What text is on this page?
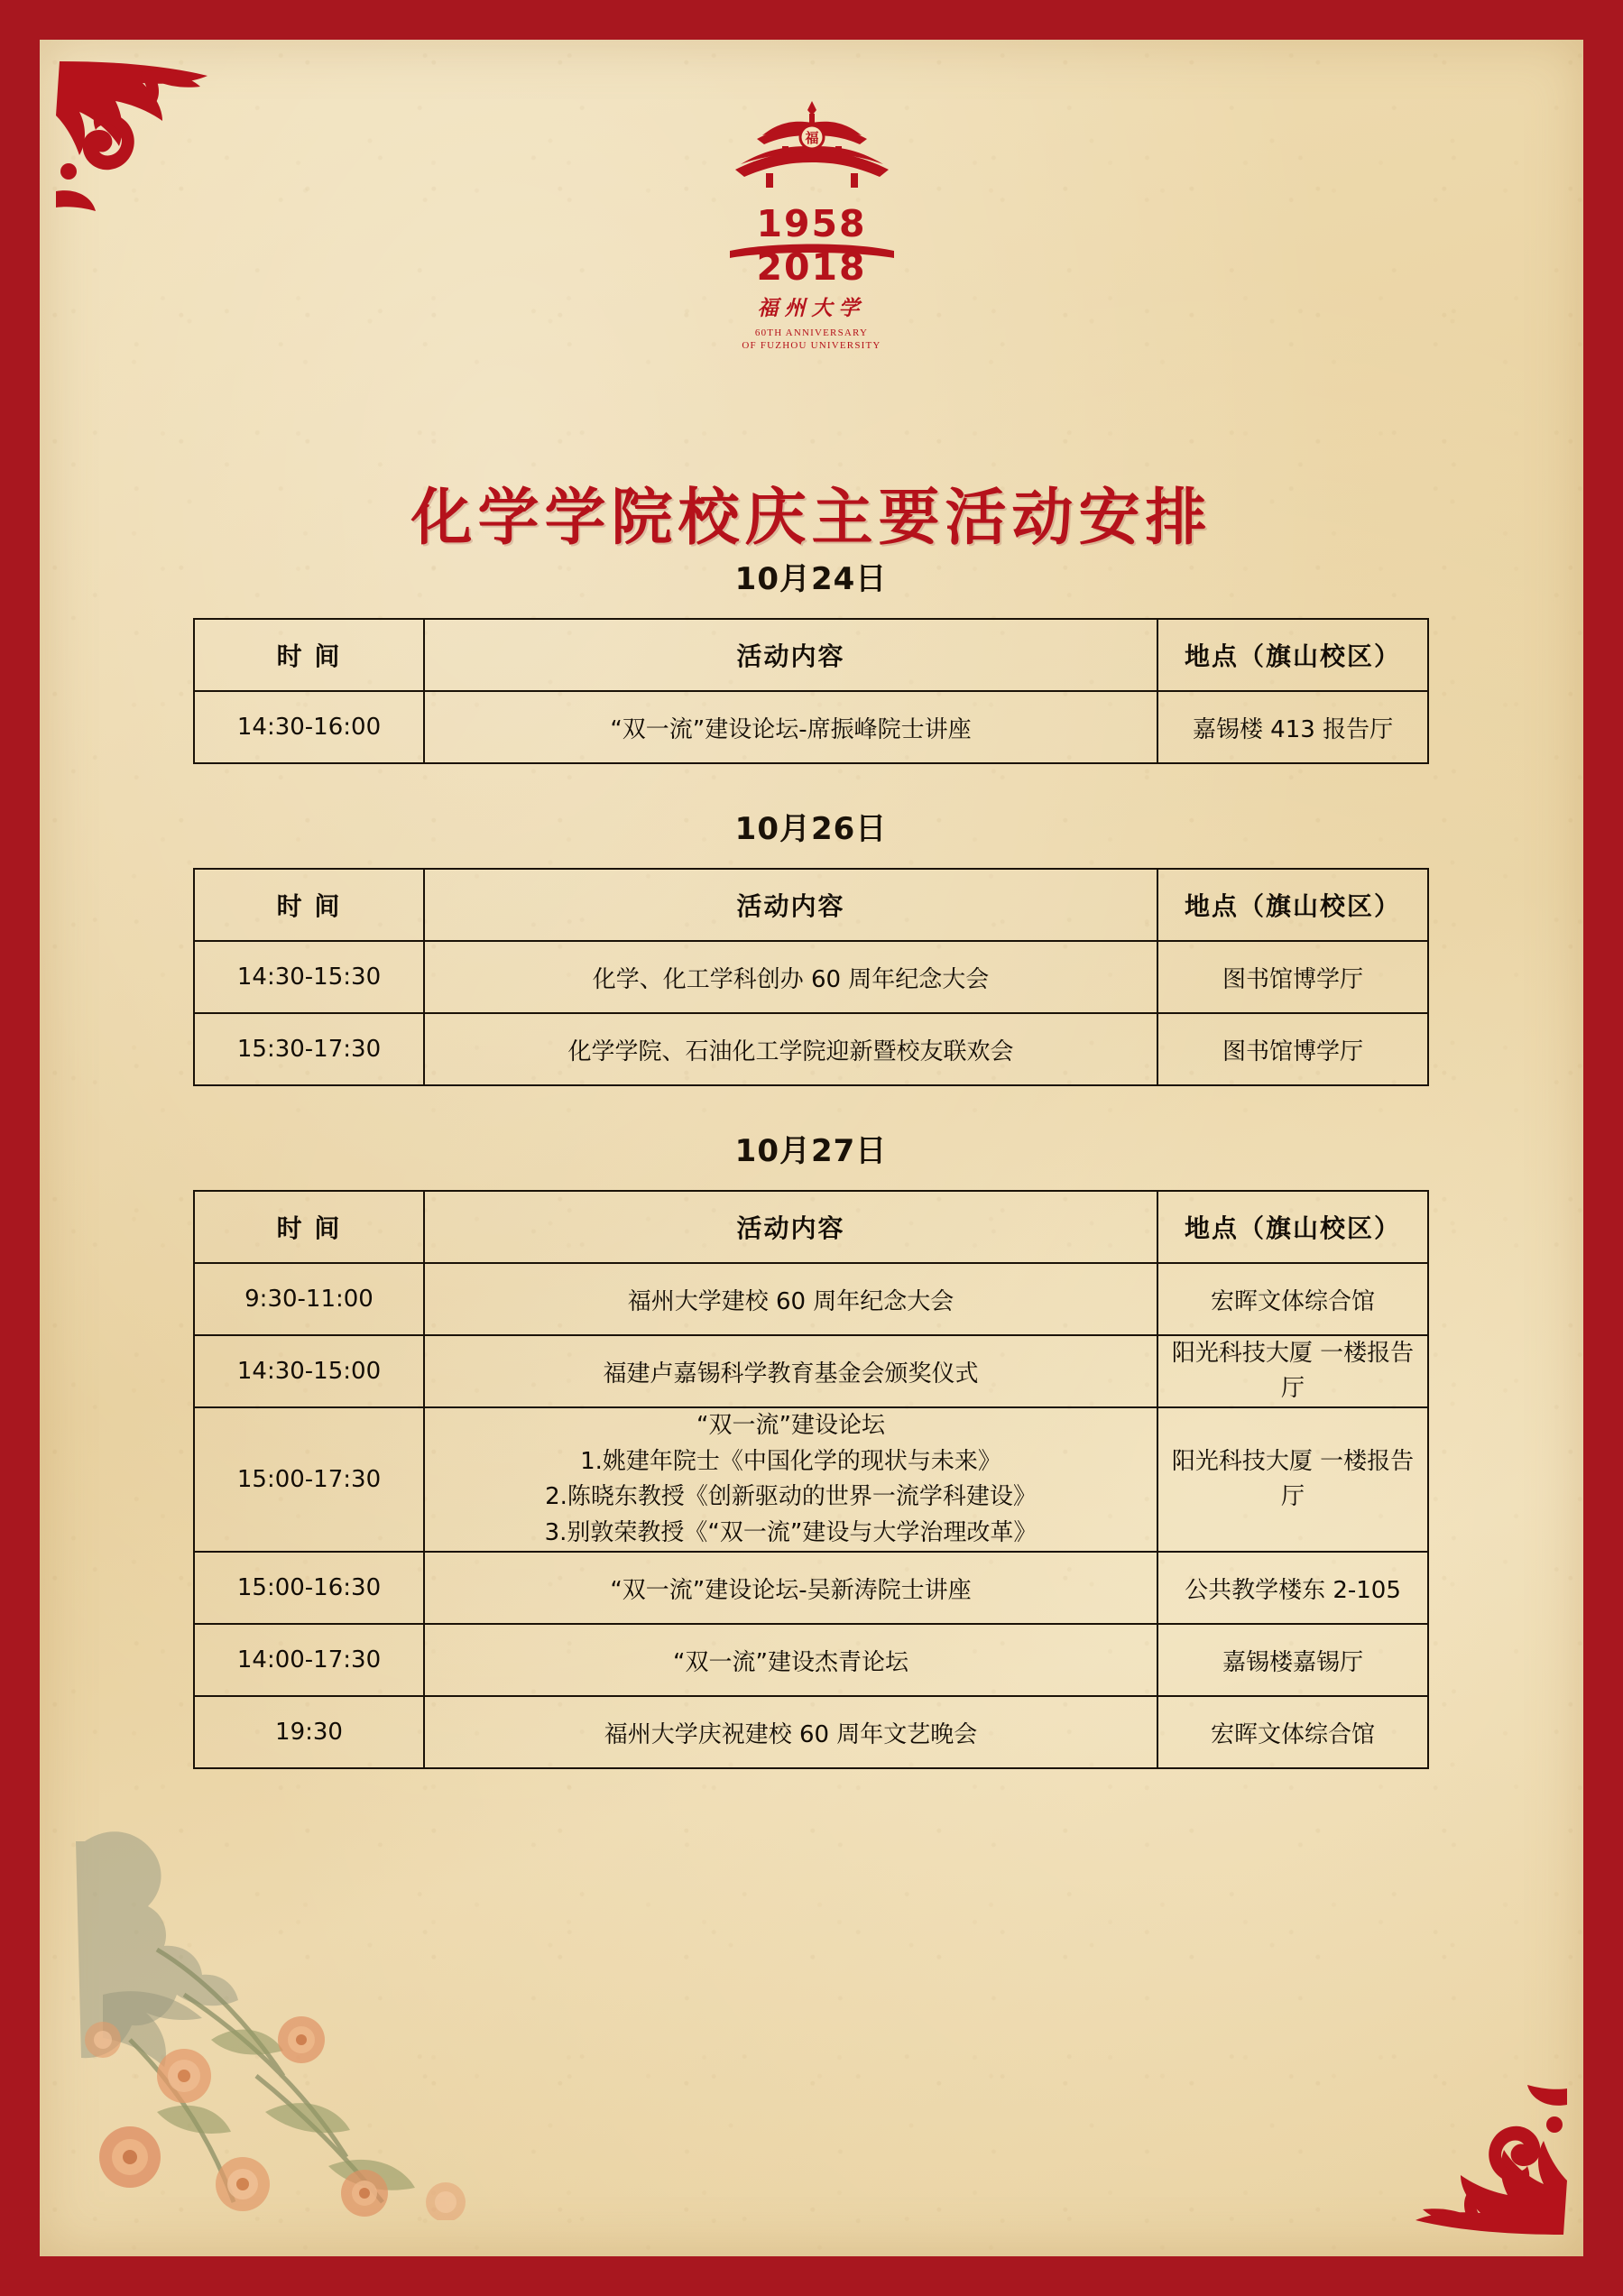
福
1958 2018
福州大学
60TH ANNIVERSARY
OF FUZHOU UNIVERSITY
化学学院校庆主要活动安排
10月24日
时 间	活动内容	地点（旗山校区）
14:30-16:00	“双一流”建设论坛-席振峰院士讲座	嘉锡楼 413 报告厅
10月26日
时 间	活动内容	地点（旗山校区）
14:30-15:30	化学、化工学科创办 60 周年纪念大会	图书馆博学厅
15:30-17:30	化学学院、石油化工学院迎新暨校友联欢会	图书馆博学厅
10月27日
时 间	活动内容	地点（旗山校区）
9:30-11:00	福州大学建校 60 周年纪念大会	宏晖文体综合馆
14:30-15:00	福建卢嘉锡科学教育基金会颁奖仪式	阳光科技大厦 一楼报告厅
15:00-17:30	“双一流”建设论坛
1.姚建年院士《中国化学的现状与未来》
2.陈晓东教授《创新驱动的世界一流学科建设》
3.别敦荣教授《“双一流”建设与大学治理改革》	阳光科技大厦 一楼报告厅
15:00-16:30	“双一流”建设论坛-吴新涛院士讲座	公共教学楼东 2-105
14:00-17:30	“双一流”建设杰青论坛	嘉锡楼嘉锡厅
19:30	福州大学庆祝建校 60 周年文艺晚会	宏晖文体综合馆
